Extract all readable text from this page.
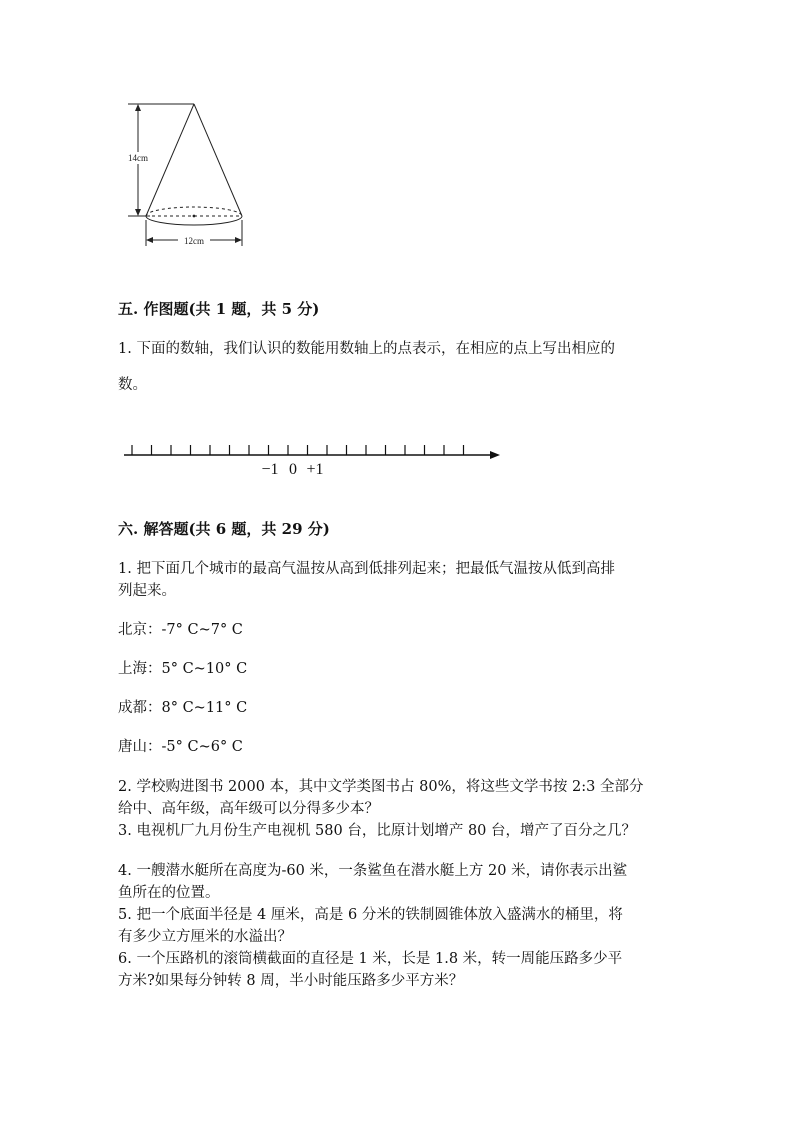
14cm
12cm
五. 作图题(共 1 题，共 5 分)
1. 下面的数轴，我们认识的数能用数轴上的点表示，在相应的点上写出相应的
数。
−1 0 +1
六. 解答题(共 6 题，共 29 分)
1. 把下面几个城市的最高气温按从高到低排列起来；把最低气温按从低到高排
列起来。
北京：-7° C~7° C
上海：5° C~10° C
成都：8° C~11° C
唐山：-5° C~6° C
2. 学校购进图书 2000 本，其中文学类图书占 80%，将这些文学书按 2:3 全部分
给中、高年级，高年级可以分得多少本？
3. 电视机厂九月份生产电视机 580 台，比原计划增产 80 台，增产了百分之几？
4. 一艘潜水艇所在高度为-60 米，一条鲨鱼在潜水艇上方 20 米，请你表示出鲨
鱼所在的位置。
5. 把一个底面半径是 4 厘米，高是 6 分米的铁制圆锥体放入盛满水的桶里，将
有多少立方厘米的水溢出？
6. 一个压路机的滚筒横截面的直径是 1 米，长是 1.8 米，转一周能压路多少平
方米?如果每分钟转 8 周，半小时能压路多少平方米？
